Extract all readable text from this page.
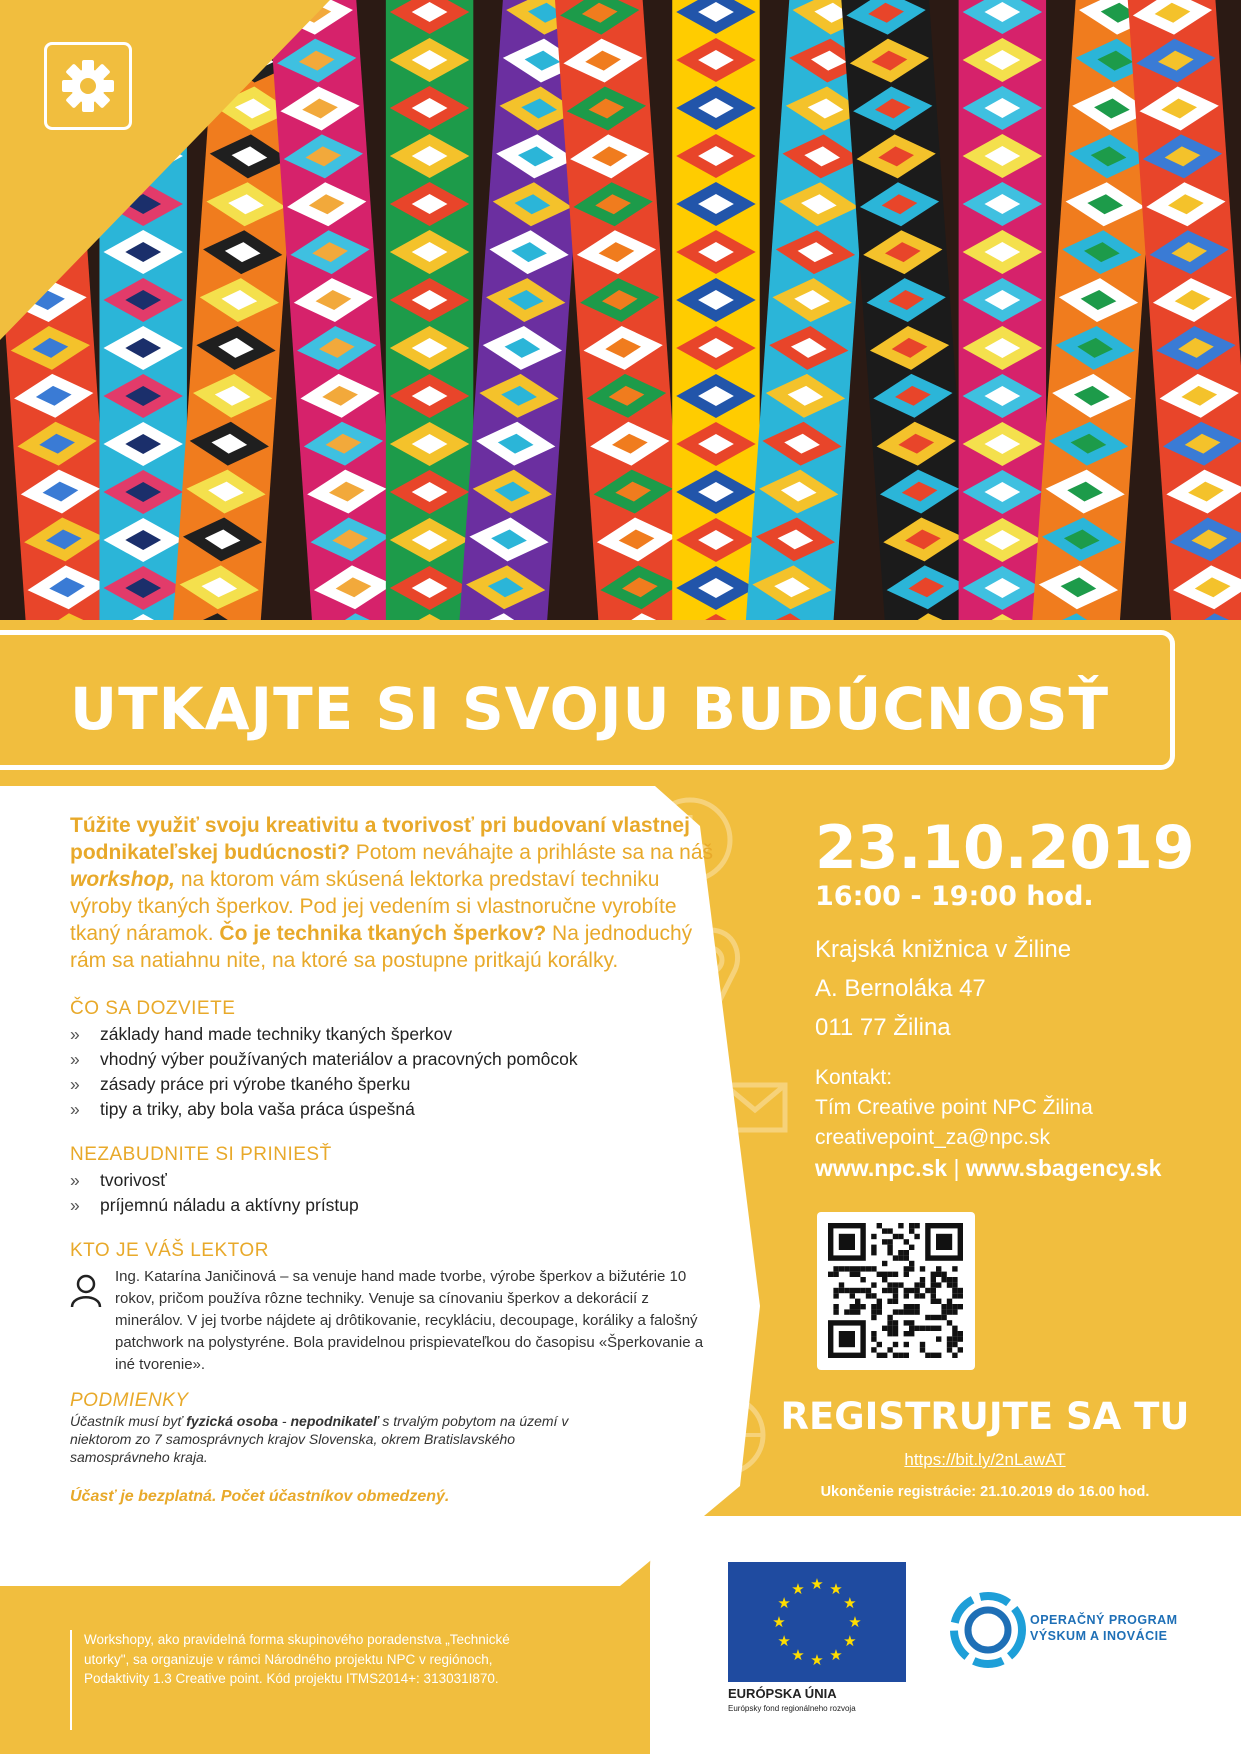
UTKAJTE SI SVOJU BUDÚCNOSŤ

Túžite využiť svoju kreativitu a tvorivosť pri budovaní vlastnej podnikateľskej budúcnosti? Potom neváhajte a prihláste sa na náš workshop, na ktorom vám skúsená lektorka predstaví techniku výroby tkaných šperkov. Pod jej vedením si vlastnoručne vyrobíte tkaný náramok. Čo je technika tkaných šperkov? Na jednoduchý rám sa natiahnu nite, na ktoré sa postupne pritkajú korálky.

ČO SA DOZVIETE

» základy hand made techniky tkaných šperkov
» vhodný výber používaných materiálov a pracovných pomôcok
» zásady práce pri výrobe tkaného šperku
» tipy a triky, aby bola vaša práca úspešná

NEZABUDNITE SI PRINIESŤ

» tvorivosť
» príjemnú náladu a aktívny prístup

KTO JE VÁŠ LEKTOR

Ing. Katarína Janičinová – sa venuje hand made tvorbe, výrobe šperkov a bižutérie 10 rokov, pričom používa rôzne techniky. Venuje sa cínovaniu šperkov a dekorácií z minerálov. V jej tvorbe nájdete aj drôtikovanie, recykláciu, decoupage, koráliky a falošný patchwork na polystyréne. Bola pravidelnou prispievateľkou do časopisu «Šperkovanie a iné tvorenie».

PODMIENKY

Účastník musí byť fyzická osoba - nepodnikateľ s trvalým pobytom na území v niektorom zo 7 samosprávnych krajov Slovenska, okrem Bratislavského samosprávneho kraja.
Účasť je bezplatná. Počet účastníkov obmedzený.
23.10.2019
16:00 - 19:00 hod.
Krajská knižnica v Žiline
A. Bernoláka 47
011 77 Žilina
Kontakt:
Tím Creative point NPC Žilina
creativepoint_za@npc.sk
www.npc.sk | www.sbagency.sk
REGISTRUJTE SA TU
https://bit.ly/2nLawAT
Ukončenie registrácie: 21.10.2019 do 16.00 hod.
★ ★
★
★
★
★
★
★
★
★
★
★
EURÓPSKA ÚNIA
Európsky fond regionálneho rozvoja
OPERAČNÝ PROGRAM
VÝSKUM A INOVÁCIE
Workshopy, ako pravidelná forma skupinového poradenstva „Technické utorky", sa organizuje v rámci Národného projektu NPC v regiónoch, Podaktivity 1.3 Creative point. Kód projektu ITMS2014+: 313031I870.
